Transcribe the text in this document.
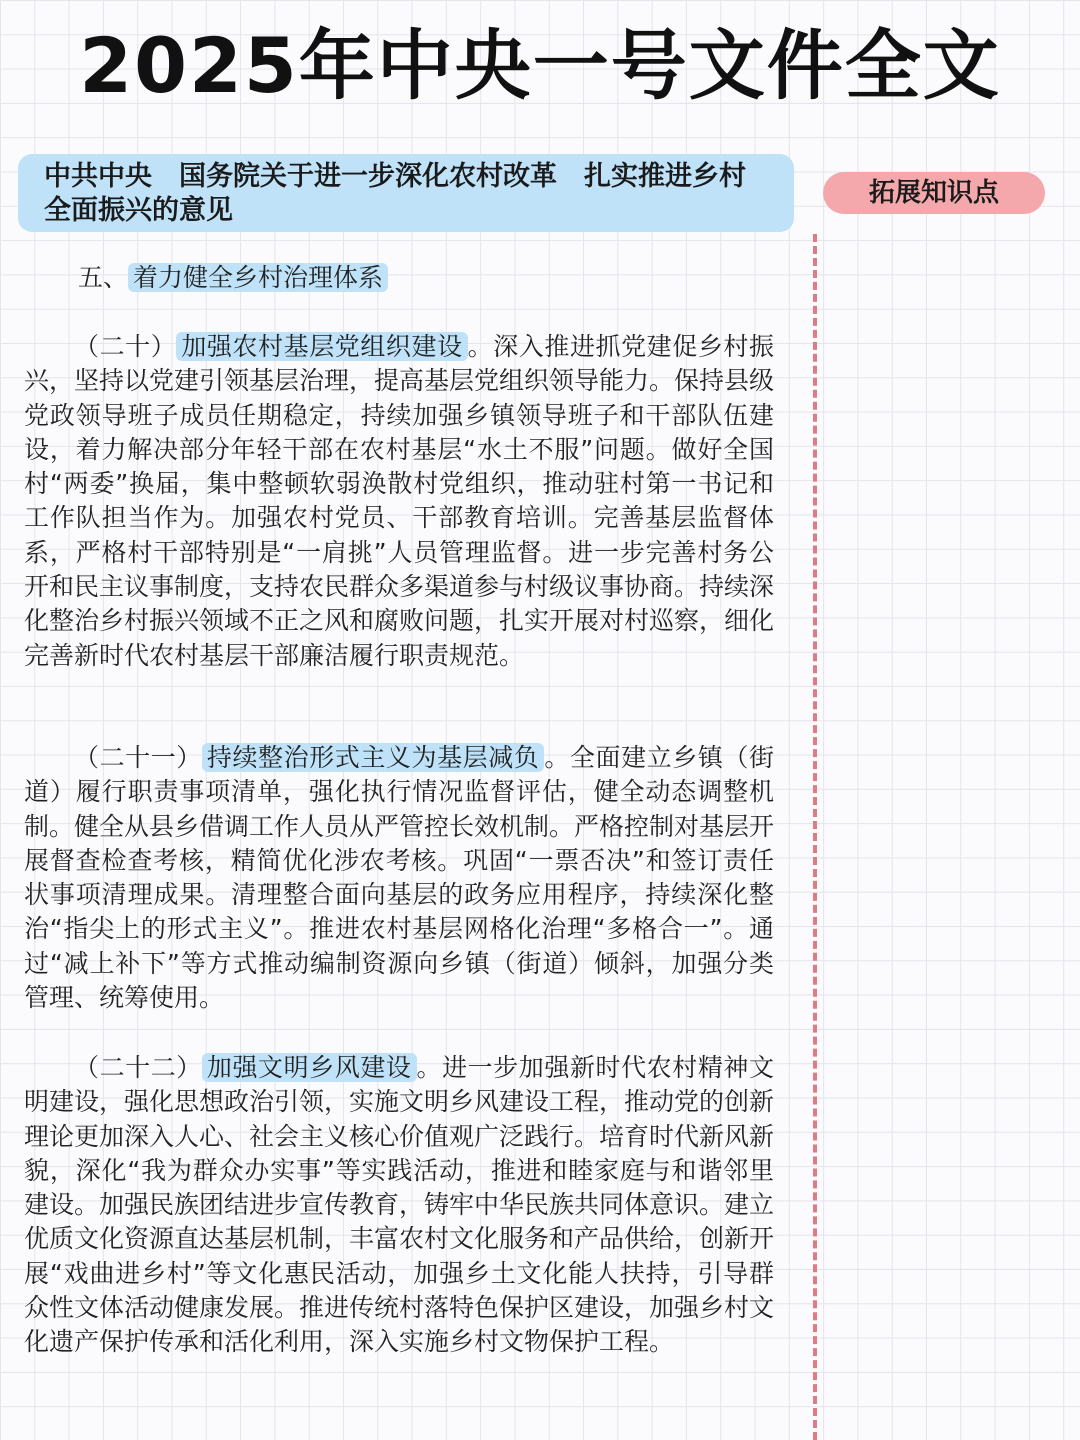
2025年中央一号文件全文
中共中央　国务院关于进一步深化农村改革　扎实推进乡村全面振兴的意见
拓展知识点
五、 着力健全乡村治理体系

（二十） 加强农村基层党组织建设 。深入推进抓党建促乡村振兴，坚持以党建引领基层治理，提高基层党组织领导能力。保持县级党政领导班子成员任期稳定，持续加强乡镇领导班子和干部队伍建设，着力解决部分年轻干部在农村基层“水土不服”问题。做好全国村“两委”换届，集中整顿软弱涣散村党组织，推动驻村第一书记和工作队担当作为。加强农村党员、干部教育培训。完善基层监督体系，严格村干部特别是“一肩挑”人员管理监督。进一步完善村务公开和民主议事制度，支持农民群众多渠道参与村级议事协商。持续深化整治乡村振兴领域不正之风和腐败问题，扎实开展对村巡察，细化完善新时代农村基层干部廉洁履行职责规范。

（二十一） 持续整治形式主义为基层减负 。全面建立乡镇（街道）履行职责事项清单，强化执行情况监督评估，健全动态调整机制。健全从县乡借调工作人员从严管控长效机制。严格控制对基层开展督查检查考核，精简优化涉农考核。巩固“一票否决”和签订责任状事项清理成果。清理整合面向基层的政务应用程序，持续深化整治“指尖上的形式主义”。推进农村基层网格化治理“多格合一”。通过“减上补下”等方式推动编制资源向乡镇（街道）倾斜，加强分类管理、统筹使用。

（二十二） 加强文明乡风建设 。进一步加强新时代农村精神文明建设，强化思想政治引领，实施文明乡风建设工程，推动党的创新理论更加深入人心、社会主义核心价值观广泛践行。培育时代新风新貌，深化“我为群众办实事”等实践活动，推进和睦家庭与和谐邻里建设。加强民族团结进步宣传教育，铸牢中华民族共同体意识。建立优质文化资源直达基层机制，丰富农村文化服务和产品供给，创新开展“戏曲进乡村”等文化惠民活动，加强乡土文化能人扶持，引导群众性文体活动健康发展。推进传统村落特色保护区建设，加强乡村文化遗产保护传承和活化利用，深入实施乡村文物保护工程。
